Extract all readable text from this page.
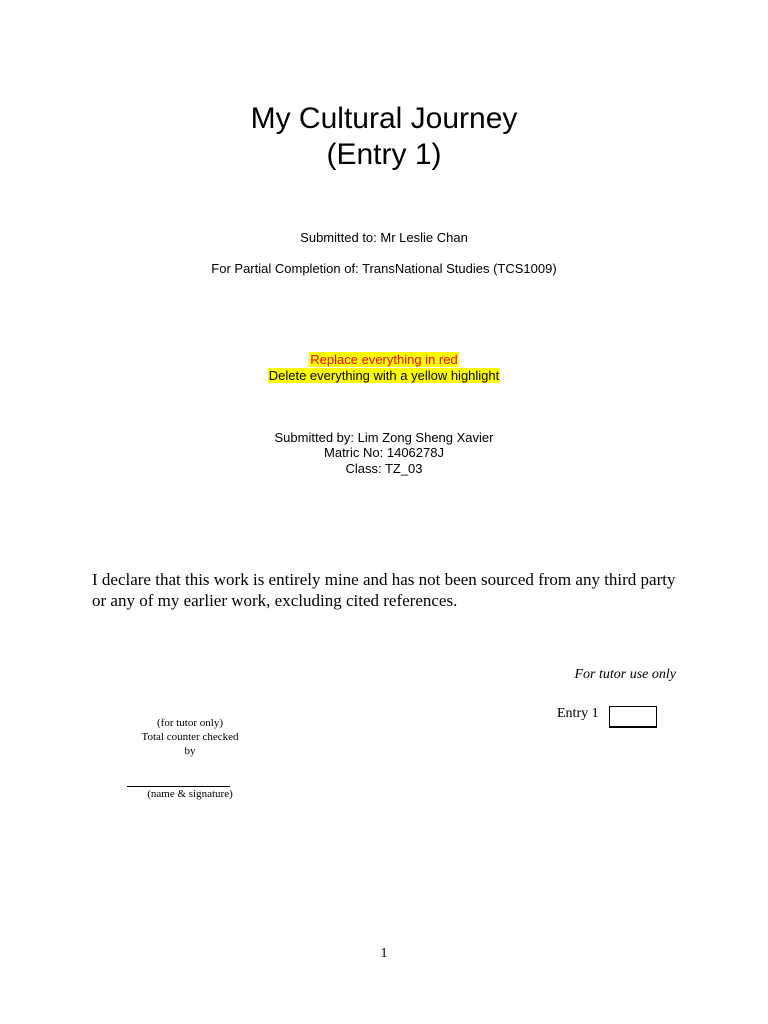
My Cultural Journey
(Entry 1)
Submitted to: Mr Leslie Chan
For Partial Completion of: TransNational Studies (TCS1009)
Replace everything in red
Delete everything with a yellow highlight
Submitted by: Lim Zong Sheng Xavier
Matric No: 1406278J
Class: TZ_03

I declare that this work is entirely mine and has not been sourced from any third party or any of my earlier work, excluding cited references.

For tutor use only
Entry 1
(for tutor only)
Total counter checked
by
(name & signature)
1
